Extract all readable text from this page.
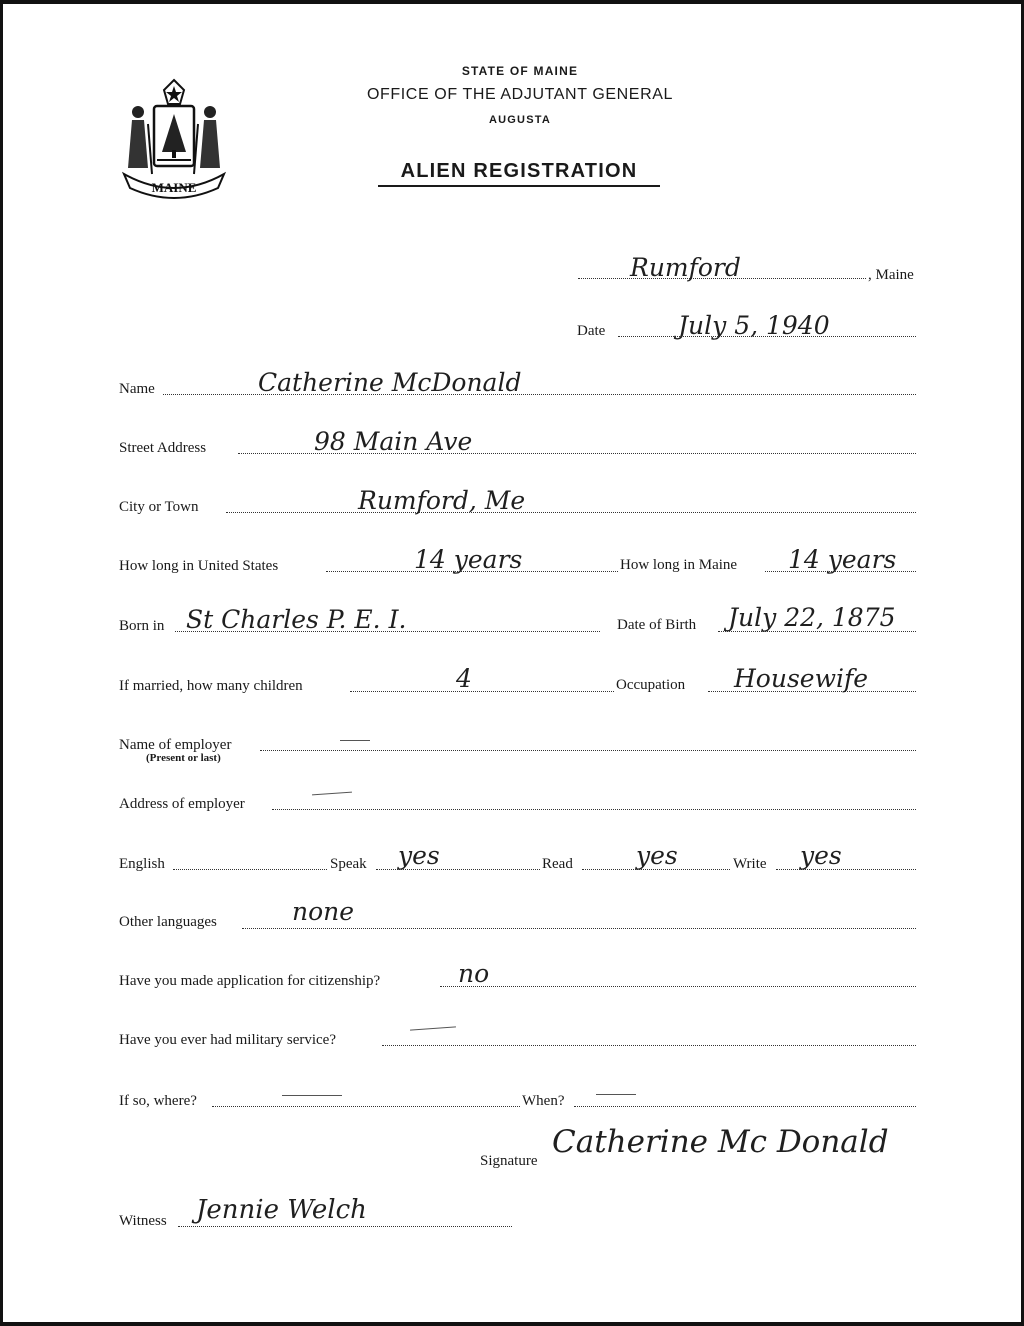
MAINE
STATE OF MAINE
OFFICE OF THE ADJUTANT GENERAL
AUGUSTA
ALIEN REGISTRATION
Rumford	, Maine
Date	July 5, 1940
Name	Catherine McDonald
Street Address	98 Main Ave
City or Town	Rumford, Me
How long in United States	14 years	How long in Maine 14 years
Born in St Charles P. E. I.	Date of Birth July 22, 1875
If married, how many children	4	Occupation Housewife
Name of employer
(Present or last)
Address of employer
English	Speak yes	Read	yes	Write yes
Other languages	none
Have you made application for citizenship?	no
Have you ever had military service?
If so, where?	When?
Signature
Catherine Mc Donald
Witness Jennie Welch
